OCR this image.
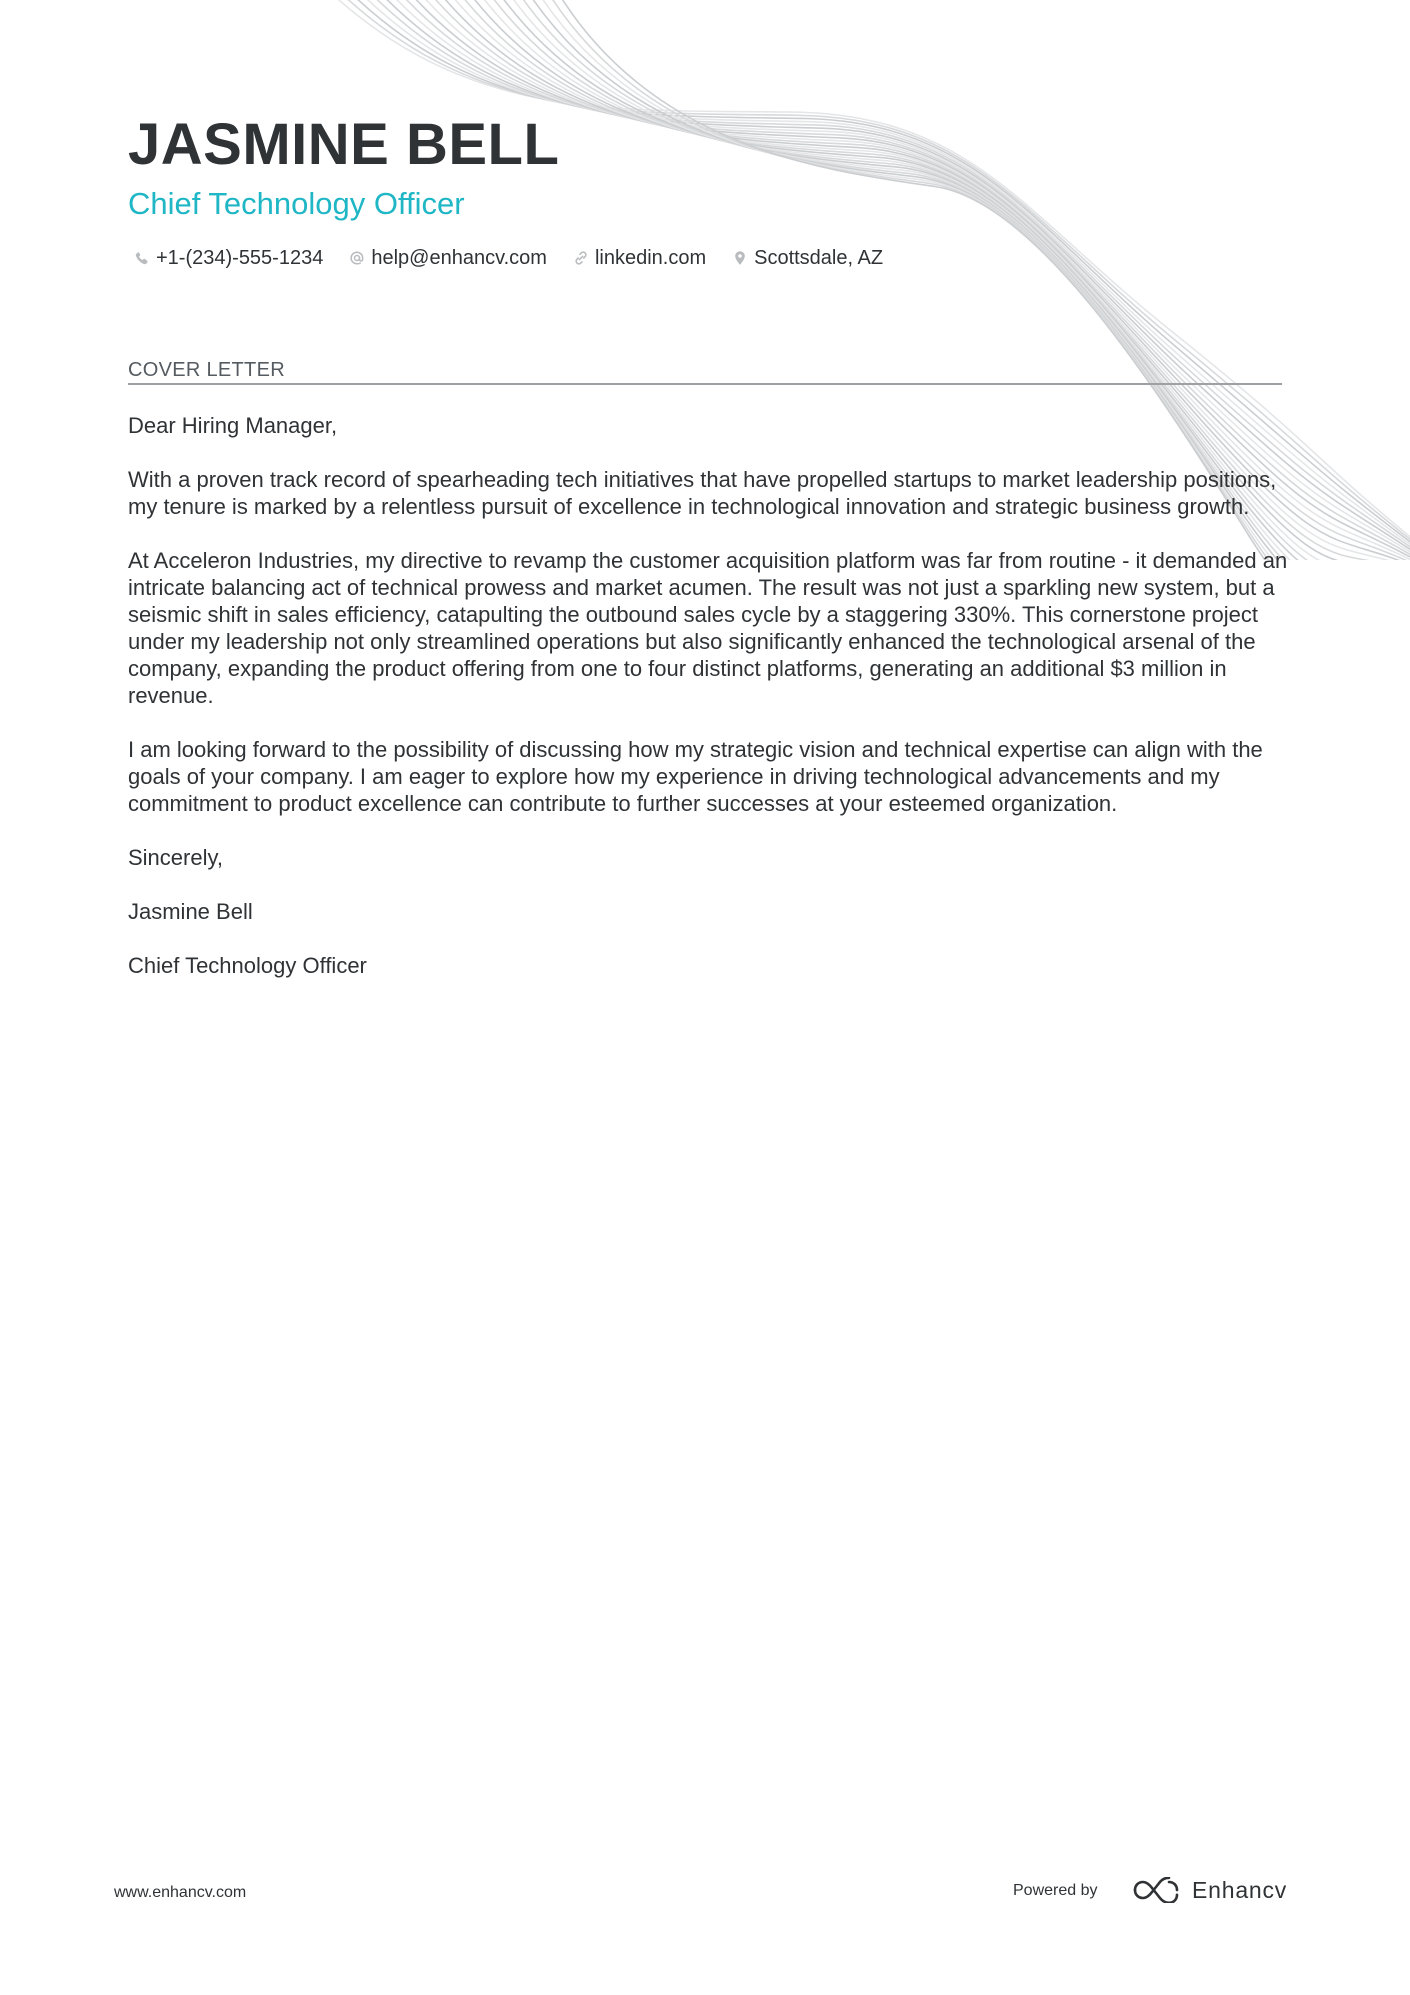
JASMINE BELL
Chief Technology Officer
+1-(234)-555-1234 help@enhancv.com linkedin.com Scottsdale, AZ
COVER LETTER

Dear Hiring Manager,

With a proven track record of spearheading tech initiatives that have propelled startups to market leadership positions, my tenure is marked by a relentless pursuit of excellence in technological innovation and strategic business growth.

At Acceleron Industries, my directive to revamp the customer acquisition platform was far from routine - it demanded an intricate balancing act of technical prowess and market acumen. The result was not just a sparkling new system, but a seismic shift in sales efficiency, catapulting the outbound sales cycle by a staggering 330%. This cornerstone project under my leadership not only streamlined operations but also significantly enhanced the technological arsenal of the company, expanding the product offering from one to four distinct platforms, generating an additional $3 million in revenue.

I am looking forward to the possibility of discussing how my strategic vision and technical expertise can align with the goals of your company. I am eager to explore how my experience in driving technological advancements and my commitment to product excellence can contribute to further successes at your esteemed organization.

Sincerely,

Jasmine Bell

Chief Technology Officer

www.enhancv.com	Powered by	Enhancv
